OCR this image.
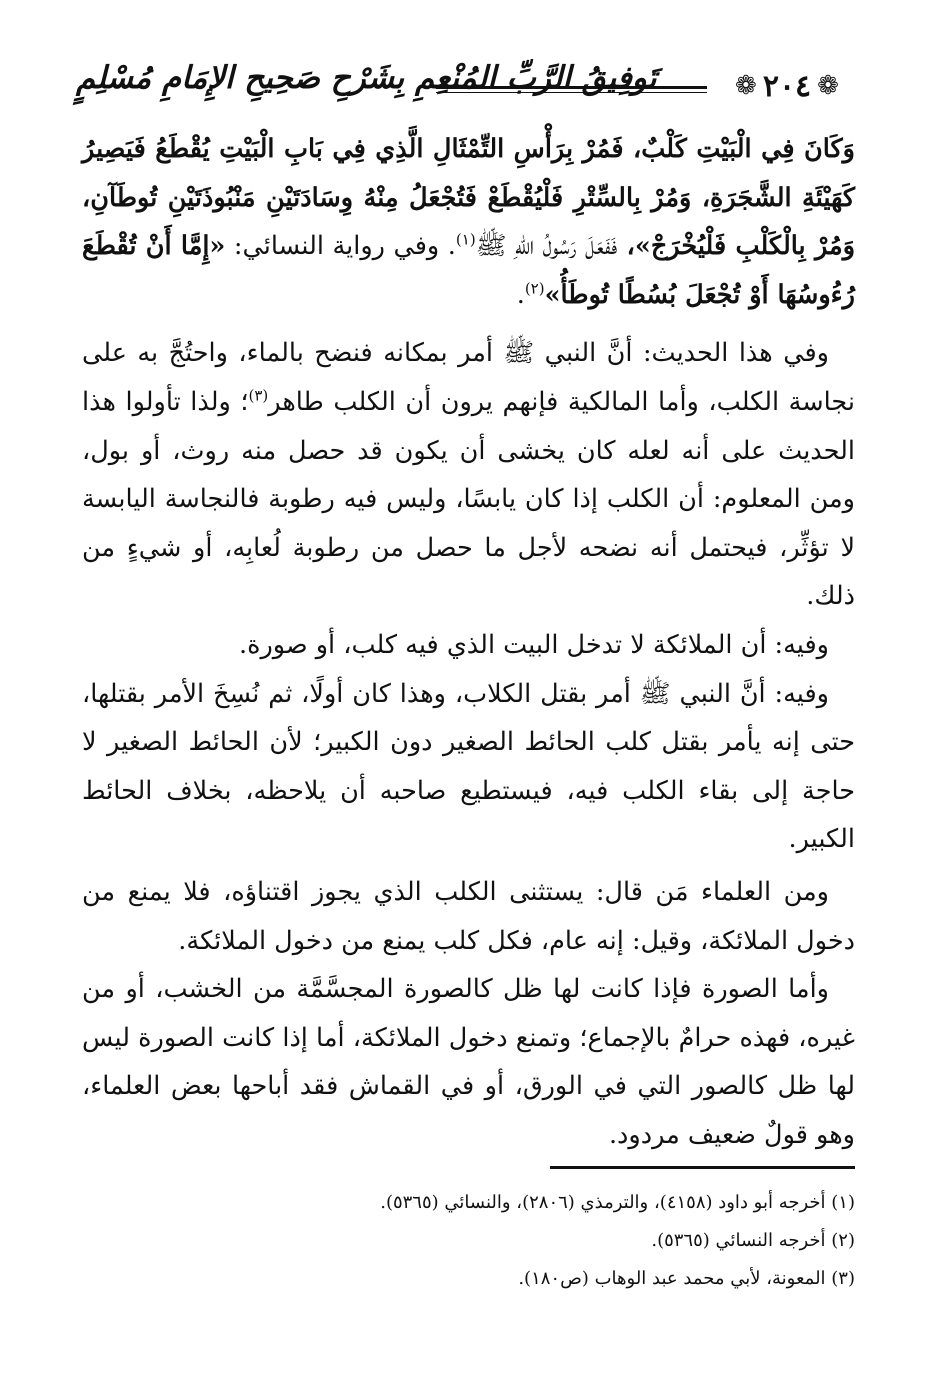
تَوفِيقُ الرَّبِّ المُنْعِمِ بِشَرْحِ صَحِيحِ الإِمَامِ مُسْلِمٍ	❁ ٢٠٤ ❁

وَكَانَ فِي الْبَيْتِ كَلْبٌ، فَمُرْ بِرَأْسِ التِّمْثَالِ الَّذِي فِي بَابِ الْبَيْتِ يُقْطَعُ فَيَصِيرُ كَهَيْئَةِ الشَّجَرَةِ، وَمُرْ بِالسِّتْرِ فَلْيُقْطَعْ فَتُجْعَلُ مِنْهُ وِسَادَتَيْنِ مَنْبُوذَتَيْنِ تُوطَآنِ، وَمُرْ بِالْكَلْبِ فَلْيُخْرَجْ»، فَفَعَلَ رَسُولُ اللهِ ﷺ$^{(١)}$. وفي رواية النسائي: «إِمَّا أَنْ تُقْطَعَ رُءُوسُهَا أَوْ تُجْعَلَ بُسُطًا تُوطَأُ»$^{(٢)}$.

وفي هذا الحديث: أنَّ النبي ﷺ أمر بمكانه فنضح بالماء، واحتُجَّ به على نجاسة الكلب، وأما المالكية فإنهم يرون أن الكلب طاهر$^{(٣)}$؛ ولذا تأولوا هذا الحديث على أنه لعله كان يخشى أن يكون قد حصل منه روث، أو بول، ومن المعلوم: أن الكلب إذا كان يابسًا، وليس فيه رطوبة فالنجاسة اليابسة لا تؤثِّر، فيحتمل أنه نضحه لأجل ما حصل من رطوبة لُعابِه، أو شيءٍ من ذلك.

وفيه: أن الملائكة لا تدخل البيت الذي فيه كلب، أو صورة.

وفيه: أنَّ النبي ﷺ أمر بقتل الكلاب، وهذا كان أولًا، ثم نُسِخَ الأمر بقتلها، حتى إنه يأمر بقتل كلب الحائط الصغير دون الكبير؛ لأن الحائط الصغير لا حاجة إلى بقاء الكلب فيه، فيستطيع صاحبه أن يلاحظه، بخلاف الحائط الكبير.

ومن العلماء مَن قال: يستثنى الكلب الذي يجوز اقتناؤه، فلا يمنع من دخول الملائكة، وقيل: إنه عام، فكل كلب يمنع من دخول الملائكة.

وأما الصورة فإذا كانت لها ظل كالصورة المجسَّمَّة من الخشب، أو من غيره، فهذه حرامٌ بالإجماع؛ وتمنع دخول الملائكة، أما إذا كانت الصورة ليس لها ظل كالصور التي في الورق، أو في القماش فقد أباحها بعض العلماء، وهو قولٌ ضعيف مردود.

(١) أخرجه أبو داود (٤١٥٨)، والترمذي (٢٨٠٦)، والنسائي (٥٣٦٥).

(٢) أخرجه النسائي (٥٣٦٥).

(٣) المعونة، لأبي محمد عبد الوهاب (ص١٨٠).
